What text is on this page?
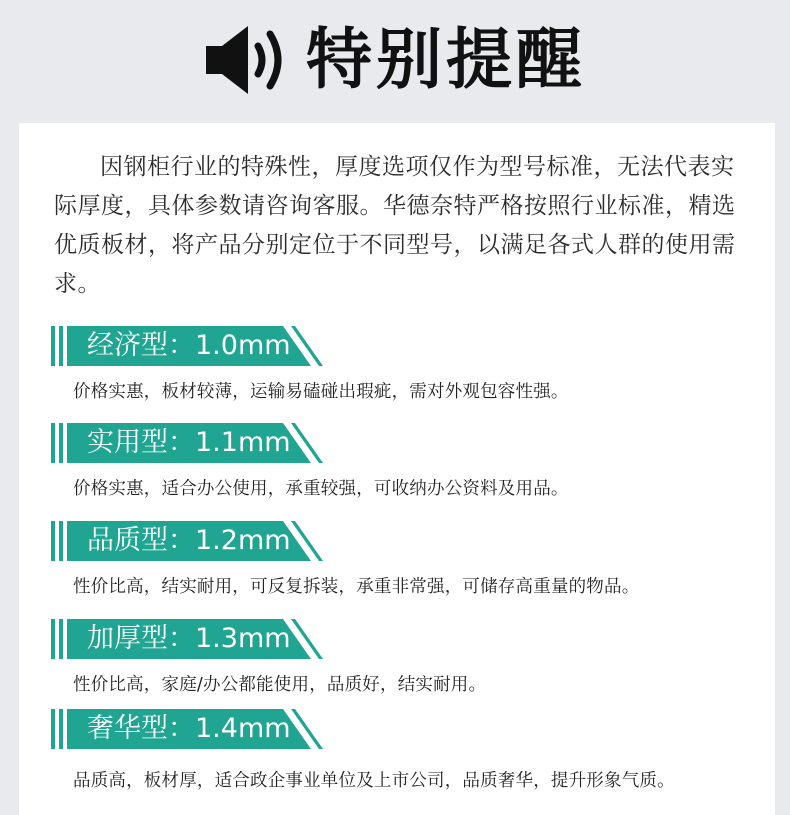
特别提醒

因钢柜行业的特殊性，厚度选项仅作为型号标准，无法代表实际厚度，具体参数请咨询客服。华德奈特严格按照行业标准，精选优质板材，将产品分别定位于不同型号，以满足各式人群的使用需求。

经济型：1.0mm

价格实惠，板材较薄，运输易磕碰出瑕疵，需对外观包容性强。

实用型：1.1mm

价格实惠，适合办公使用，承重较强，可收纳办公资料及用品。

品质型：1.2mm

性价比高，结实耐用，可反复拆装，承重非常强，可储存高重量的物品。

加厚型：1.3mm

性价比高，家庭/办公都能使用，品质好，结实耐用。

奢华型：1.4mm

品质高，板材厚，适合政企事业单位及上市公司，品质奢华，提升形象气质。
